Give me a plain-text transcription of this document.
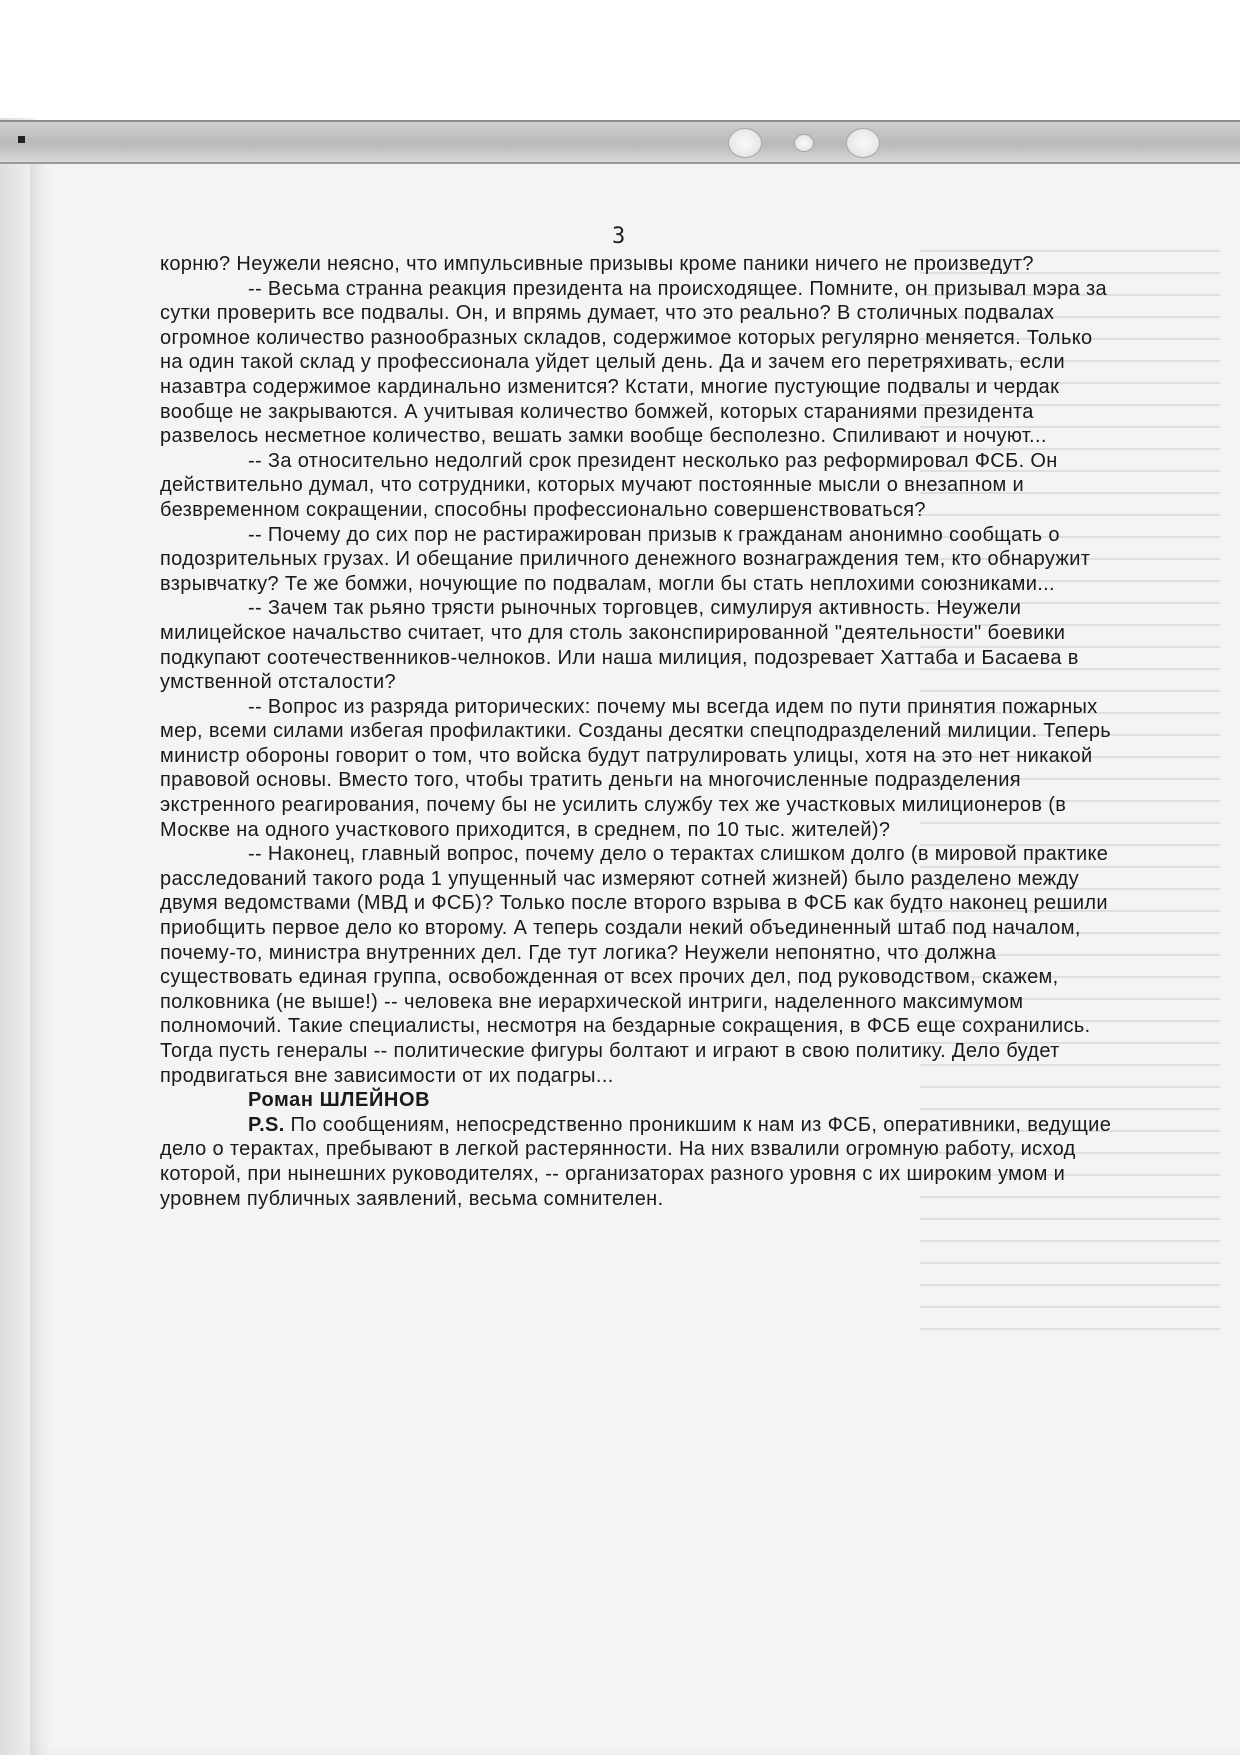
3

корню? Неужели неясно, что импульсивные призывы кроме паники ничего не произведут?

-- Весьма странна реакция президента на происходящее. Помните, он призывал мэра за сутки проверить все подвалы. Он, и впрямь думает, что это реально? В столичных подвалах огромное количество разнообразных складов, содержимое которых регулярно меняется. Только на один такой склад у профессионала уйдет целый день. Да и зачем его перетряхивать, если назавтра содержимое кардинально изменится? Кстати, многие пустующие подвалы и чердак вообще не закрываются. А учитывая количество бомжей, которых стараниями президента развелось несметное количество, вешать замки вообще бесполезно. Спиливают и ночуют...

-- За относительно недолгий срок президент несколько раз реформировал ФСБ. Он действительно думал, что сотрудники, которых мучают постоянные мысли о внезапном и безвременном сокращении, способны профессионально совершенствоваться?

-- Почему до сих пор не растиражирован призыв к гражданам анонимно сообщать о подозрительных грузах. И обещание приличного денежного вознаграждения тем, кто обнаружит взрывчатку? Те же бомжи, ночующие по подвалам, могли бы стать неплохими союзниками...

-- Зачем так рьяно трясти рыночных торговцев, симулируя активность. Неужели милицейское начальство считает, что для столь законспирированной "деятельности" боевики подкупают соотечественников-челноков. Или наша милиция, подозревает Хаттаба и Басаева в умственной отсталости?

-- Вопрос из разряда риторических: почему мы всегда идем по пути принятия пожарных мер, всеми силами избегая профилактики. Созданы десятки спецподразделений милиции. Теперь министр обороны говорит о том, что войска будут патрулировать улицы, хотя на это нет никакой правовой основы. Вместо того, чтобы тратить деньги на многочисленные подразделения экстренного реагирования, почему бы не усилить службу тех же участковых милиционеров (в Москве на одного участкового приходится, в среднем, по 10 тыс. жителей)?

-- Наконец, главный вопрос, почему дело о терактах слишком долго (в мировой практике расследований такого рода 1 упущенный час измеряют сотней жизней) было разделено между двумя ведомствами (МВД и ФСБ)? Только после второго взрыва в ФСБ как будто наконец решили приобщить первое дело ко второму. А теперь создали некий объединенный штаб под началом, почему-то, министра внутренних дел. Где тут логика? Неужели непонятно, что должна существовать единая группа, освобожденная от всех прочих дел, под руководством, скажем, полковника (не выше!) -- человека вне иерархической интриги, наделенного максимумом полномочий. Такие специалисты, несмотря на бездарные сокращения, в ФСБ еще сохранились. Тогда пусть генералы -- политические фигуры болтают и играют в свою политику. Дело будет продвигаться вне зависимости от их подагры...

Роман ШЛЕЙНОВ

P.S. По сообщениям, непосредственно проникшим к нам из ФСБ, оперативники, ведущие дело о терактах, пребывают в легкой растерянности. На них взвалили огромную работу, исход которой, при нынешних руководителях, -- организаторах разного уровня с их широким умом и уровнем публичных заявлений, весьма сомнителен.
